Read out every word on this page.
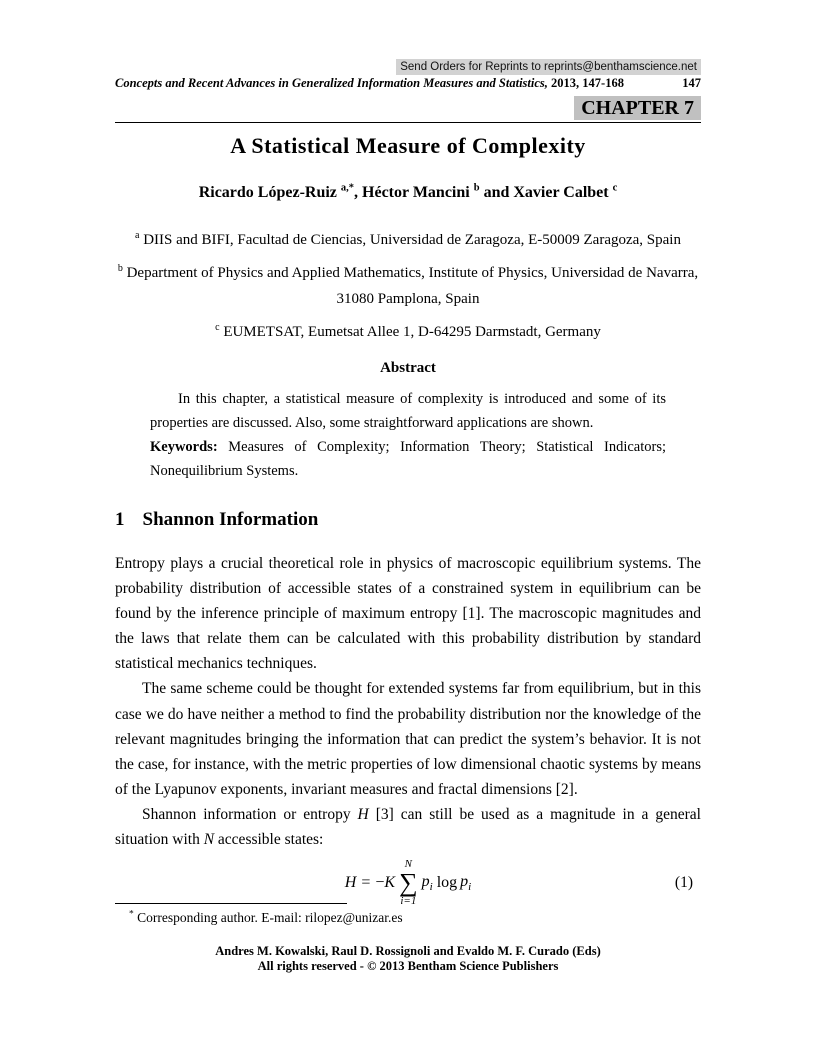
Send Orders for Reprints to reprints@benthamscience.net
Concepts and Recent Advances in Generalized Information Measures and Statistics, 2013, 147-168	147
CHAPTER 7
A Statistical Measure of Complexity
Ricardo López-Ruiz $^{a,*}$, Héctor Mancini $^b$ and Xavier Calbet $^c$
$^a$ DIIS and BIFI, Facultad de Ciencias, Universidad de Zaragoza, E-50009 Zaragoza, Spain
$^b$ Department of Physics and Applied Mathematics, Institute of Physics, Universidad de Navarra, 31080 Pamplona, Spain
$^c$ EUMETSAT, Eumetsat Allee 1, D-64295 Darmstadt, Germany
Abstract

In this chapter, a statistical measure of complexity is introduced and some of its properties are discussed. Also, some straightforward applications are shown.

Keywords: Measures of Complexity; Information Theory; Statistical Indicators; Nonequilibrium Systems.

1 Shannon Information

Entropy plays a crucial theoretical role in physics of macroscopic equilibrium systems. The probability distribution of accessible states of a constrained system in equilibrium can be found by the inference principle of maximum entropy [1]. The macroscopic magnitudes and the laws that relate them can be calculated with this probability distribution by standard statistical mechanics techniques.

The same scheme could be thought for extended systems far from equilibrium, but in this case we do have neither a method to find the probability distribution nor the knowledge of the relevant magnitudes bringing the information that can predict the system’s behavior. It is not the case, for instance, with the metric properties of low dimensional chaotic systems by means of the Lyapunov exponents, invariant measures and fractal dimensions [2].

Shannon information or entropy H [3] can still be used as a magnitude in a general situation with N accessible states:

H = − K
N
∑
i=1
$p_i$ $\log p_i$	(1)
* Corresponding author. E-mail: rilopez@unizar.es
Andres M. Kowalski, Raul D. Rossignoli and Evaldo M. F. Curado (Eds)
All rights reserved - © 2013 Bentham Science Publishers
